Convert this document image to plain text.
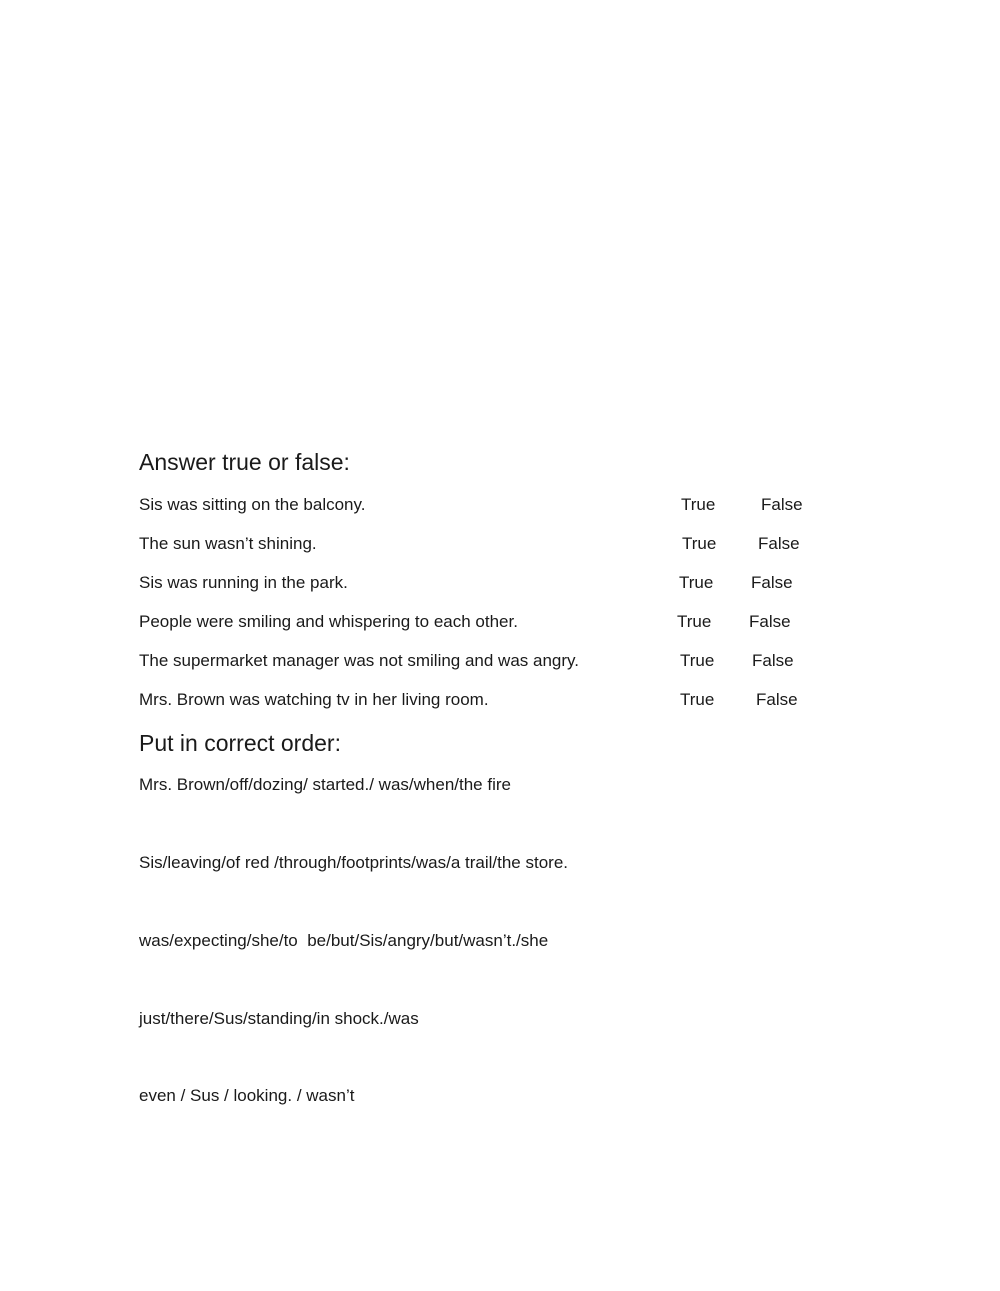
Answer true or false:
Sis was sitting on the balcony.	True	False
The sun wasn’t shining.	True False
Sis was running in the park.	True False
People were smiling and whispering to each other.	True False
The supermarket manager was not smiling and was angry.	True False
Mrs. Brown was watching tv in her living room.	True False
Put in correct order:
Mrs. Brown/off/dozing/ started./ was/when/the fire
Sis/leaving/of red /through/footprints/was/a trail/the store.
was/expecting/she/to  be/but/Sis/angry/but/wasn’t./she
just/there/Sus/standing/in shock./was
even / Sus / looking. / wasn’t
